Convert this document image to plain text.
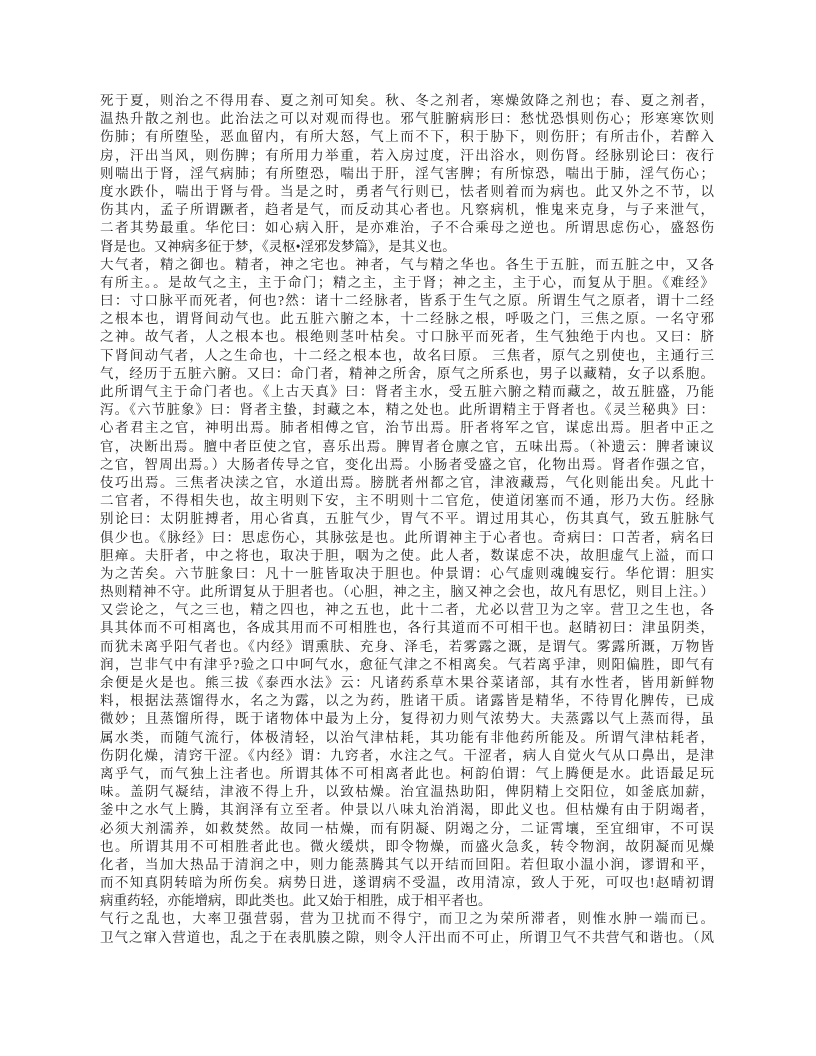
死于夏，则治之不得用春、夏之剂可知矣。秋、冬之剂者，寒燥敛降之剂也；春、夏之剂者，
温热升散之剂也。此治法之可以对观而得也。邪气脏腑病形曰：愁忧恐惧则伤心；形寒寒饮则
伤肺；有所堕坠，恶血留内，有所大怒，气上而不下，积于胁下，则伤肝；有所击仆，若醉入
房，汗出当风，则伤脾；有所用力举重，若入房过度，汗出浴水，则伤肾。经脉别论曰：夜行
则喘出于肾，淫气病肺；有所堕恐，喘出于肝，淫气害脾；有所惊恐，喘出于肺，淫气伤心；
度水跌仆，喘出于肾与骨。当是之时，勇者气行则已，怯者则着而为病也。此又外之不节，以
伤其内，孟子所谓蹶者，趋者是气，而反动其心者也。凡察病机，惟鬼来克身，与子来泄气，
二者其势最重。华佗曰：如心病入肝，是亦难治，子不合乘母之逆也。所谓思虑伤心，盛怒伤
肾是也。又神病多征于梦，《灵枢•淫邪发梦篇》，是其义也。
大气者，精之御也。精者，神之宅也。神者，气与精之华也。各生于五脏，而五脏之中，又各
有所主。。是故气之主，主于命门；精之主，主于肾；神之主，主于心，而复从于胆。《难经》
曰：寸口脉平而死者，何也?然：诸十二经脉者，皆系于生气之原。所谓生气之原者，谓十二经
之根本也，谓肾间动气也。此五脏六腑之本，十二经脉之根，呼吸之门，三焦之原。一名守邪
之神。故气者，人之根本也。根绝则茎叶枯矣。寸口脉平而死者，生气独绝于内也。又曰：脐
下肾间动气者，人之生命也，十二经之根本也，故名曰原。 三焦者，原气之别使也，主通行三
气，经历于五脏六腑。又曰：命门者，精神之所舍，原气之所系也，男子以藏精，女子以系胞。
此所谓气主于命门者也。《上古天真》曰：肾者主水，受五脏六腑之精而藏之，故五脏盛，乃能
泻。《六节脏象》曰：肾者主蛰，封藏之本，精之处也。此所谓精主于肾者也。《灵兰秘典》曰：
心者君主之官，神明出焉。肺者相傅之官，治节出焉。肝者将军之官，谋虑出焉。胆者中正之
官，决断出焉。膻中者臣使之官，喜乐出焉。脾胃者仓廪之官，五味出焉。（补遗云：脾者谏议
之官，智周出焉。）大肠者传导之官，变化出焉。小肠者受盛之官，化物出焉。肾者作强之官，
伎巧出焉。三焦者决渎之官，水道出焉。膀胱者州都之官，津液藏焉，气化则能出矣。凡此十
二官者，不得相失也，故主明则下安，主不明则十二官危，使道闭塞而不通，形乃大伤。经脉
别论曰：太阴脏搏者，用心省真，五脏气少，胃气不平。谓过用其心，伤其真气，致五脏脉气
俱少也。《脉经》曰：思虑伤心，其脉弦是也。此所谓神主于心者也。奇病曰：口苦者，病名曰
胆瘅。夫肝者，中之将也，取决于胆，咽为之使。此人者，数谋虑不决，故胆虚气上溢，而口
为之苦矣。六节脏象曰：凡十一脏皆取决于胆也。仲景谓：心气虚则魂魄妄行。华佗谓：胆实
热则精神不守。此所谓复从于胆者也。（心胆，神之主，脑又神之会也，故凡有思忆，则目上注。）
又尝论之，气之三也，精之四也，神之五也，此十二者，尤必以营卫为之宰。营卫之生也，各
具其体而不可相离也，各成其用而不可相胜也，各行其道而不可相干也。赵睛初曰：津虽阴类，
而犹未离乎阳气者也。《内经》谓熏肤、充身、泽毛，若雾露之溉，是谓气。雾露所溉，万物皆
润，岂非气中有津乎?验之口中呵气水，愈征气津之不相离矣。气若离乎津，则阳偏胜，即气有
余便是火是也。熊三拔《泰西水法》云：凡诸药系草木果谷菜诸部，其有水性者，皆用新鲜物
料，根据法蒸馏得水，名之为露，以之为药，胜诸干质。诸露皆是精华，不待胃化脾传，已成
微妙；且蒸馏所得，既于诸物体中最为上分，复得初力则气浓势大。夫蒸露以气上蒸而得，虽
属水类，而随气流行，体极清轻，以治气津枯耗，其功能有非他药所能及。所谓气津枯耗者，
伤阴化燥，清窍干涩。《内经》谓：九窍者，水注之气。干涩者，病人自觉火气从口鼻出，是津
离乎气，而气独上注者也。所谓其体不可相离者此也。柯韵伯谓：气上腾便是水。此语最足玩
味。盖阴气凝结，津液不得上升，以致枯燥。治宜温热助阳，俾阴精上交阳位，如釜底加薪，
釜中之水气上腾，其润泽有立至者。仲景以八味丸治消渴，即此义也。但枯燥有由于阴竭者，
必须大剂濡养，如救焚然。故同一枯燥，而有阴凝、阴竭之分，二证霄壤，至宜细审，不可误
也。所谓其用不可相胜者此也。微火缓烘，即令物燥，而盛火急炙，转令物润，故阴凝而见燥
化者，当加大热品于清润之中，则力能蒸腾其气以开结而回阳。若但取小温小润，谬谓和平，
而不知真阴转暗为所伤矣。病势日进，遂谓病不受温，改用清凉，致人于死，可叹也!赵晴初谓
病重药轻，亦能增病，即此类也。此又始于相胜，成于相平者也。
气行之乱也，大率卫强营弱，营为卫扰而不得宁，而卫之为荣所滞者，则惟水肿一端而已。
卫气之窜入营道也，乱之于在表肌腠之隙，则令人汗出而不可止，所谓卫气不共营气和谐也。（风
